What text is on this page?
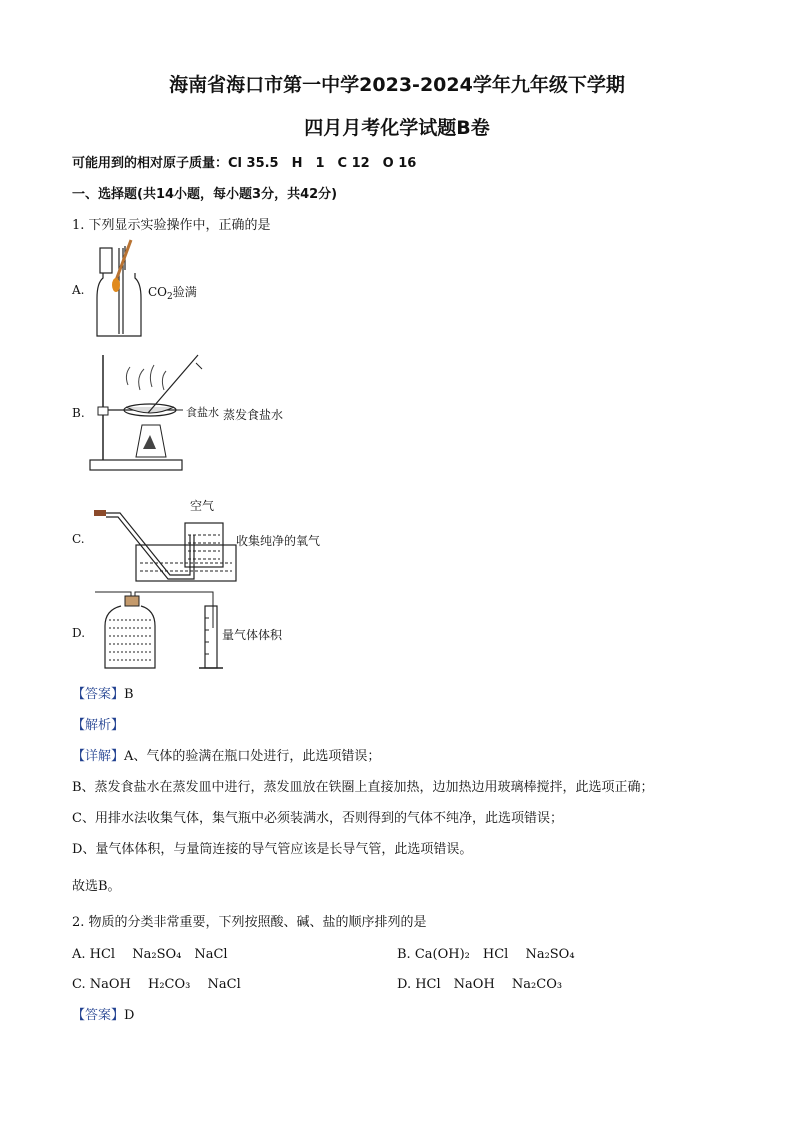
海南省海口市第一中学2023-2024学年九年级下学期
四月月考化学试题B卷
可能用到的相对原子质量：Cl 35.5　H　1　C 12　O 16
一、选择题(共14小题，每小题3分，共42分)
1. 下列显示实验操作中，正确的是
A.	$CO_2$验满
B.	食盐水 蒸发食盐水
C.
空气
收集纯净的氧气
D.	量气体体积
【答案】B
【解析】
【详解】A、气体的验满在瓶口处进行，此选项错误；
B、蒸发食盐水在蒸发皿中进行，蒸发皿放在铁圈上直接加热，边加热边用玻璃棒搅拌，此选项正确；
C、用排水法收集气体，集气瓶中必须装满水，否则得到的气体不纯净，此选项错误；
D、量气体体积，与量筒连接的导气管应该是长导气管，此选项错误。
故选B。
2. 物质的分类非常重要，下列按照酸、碱、盐的顺序排列的是
A. HCl　 Na₂SO₄　NaCl	B. Ca(OH)₂　HCl　 Na₂SO₄
C. NaOH　 H₂CO₃　 NaCl	D. HCl　NaOH　 Na₂CO₃
【答案】D
